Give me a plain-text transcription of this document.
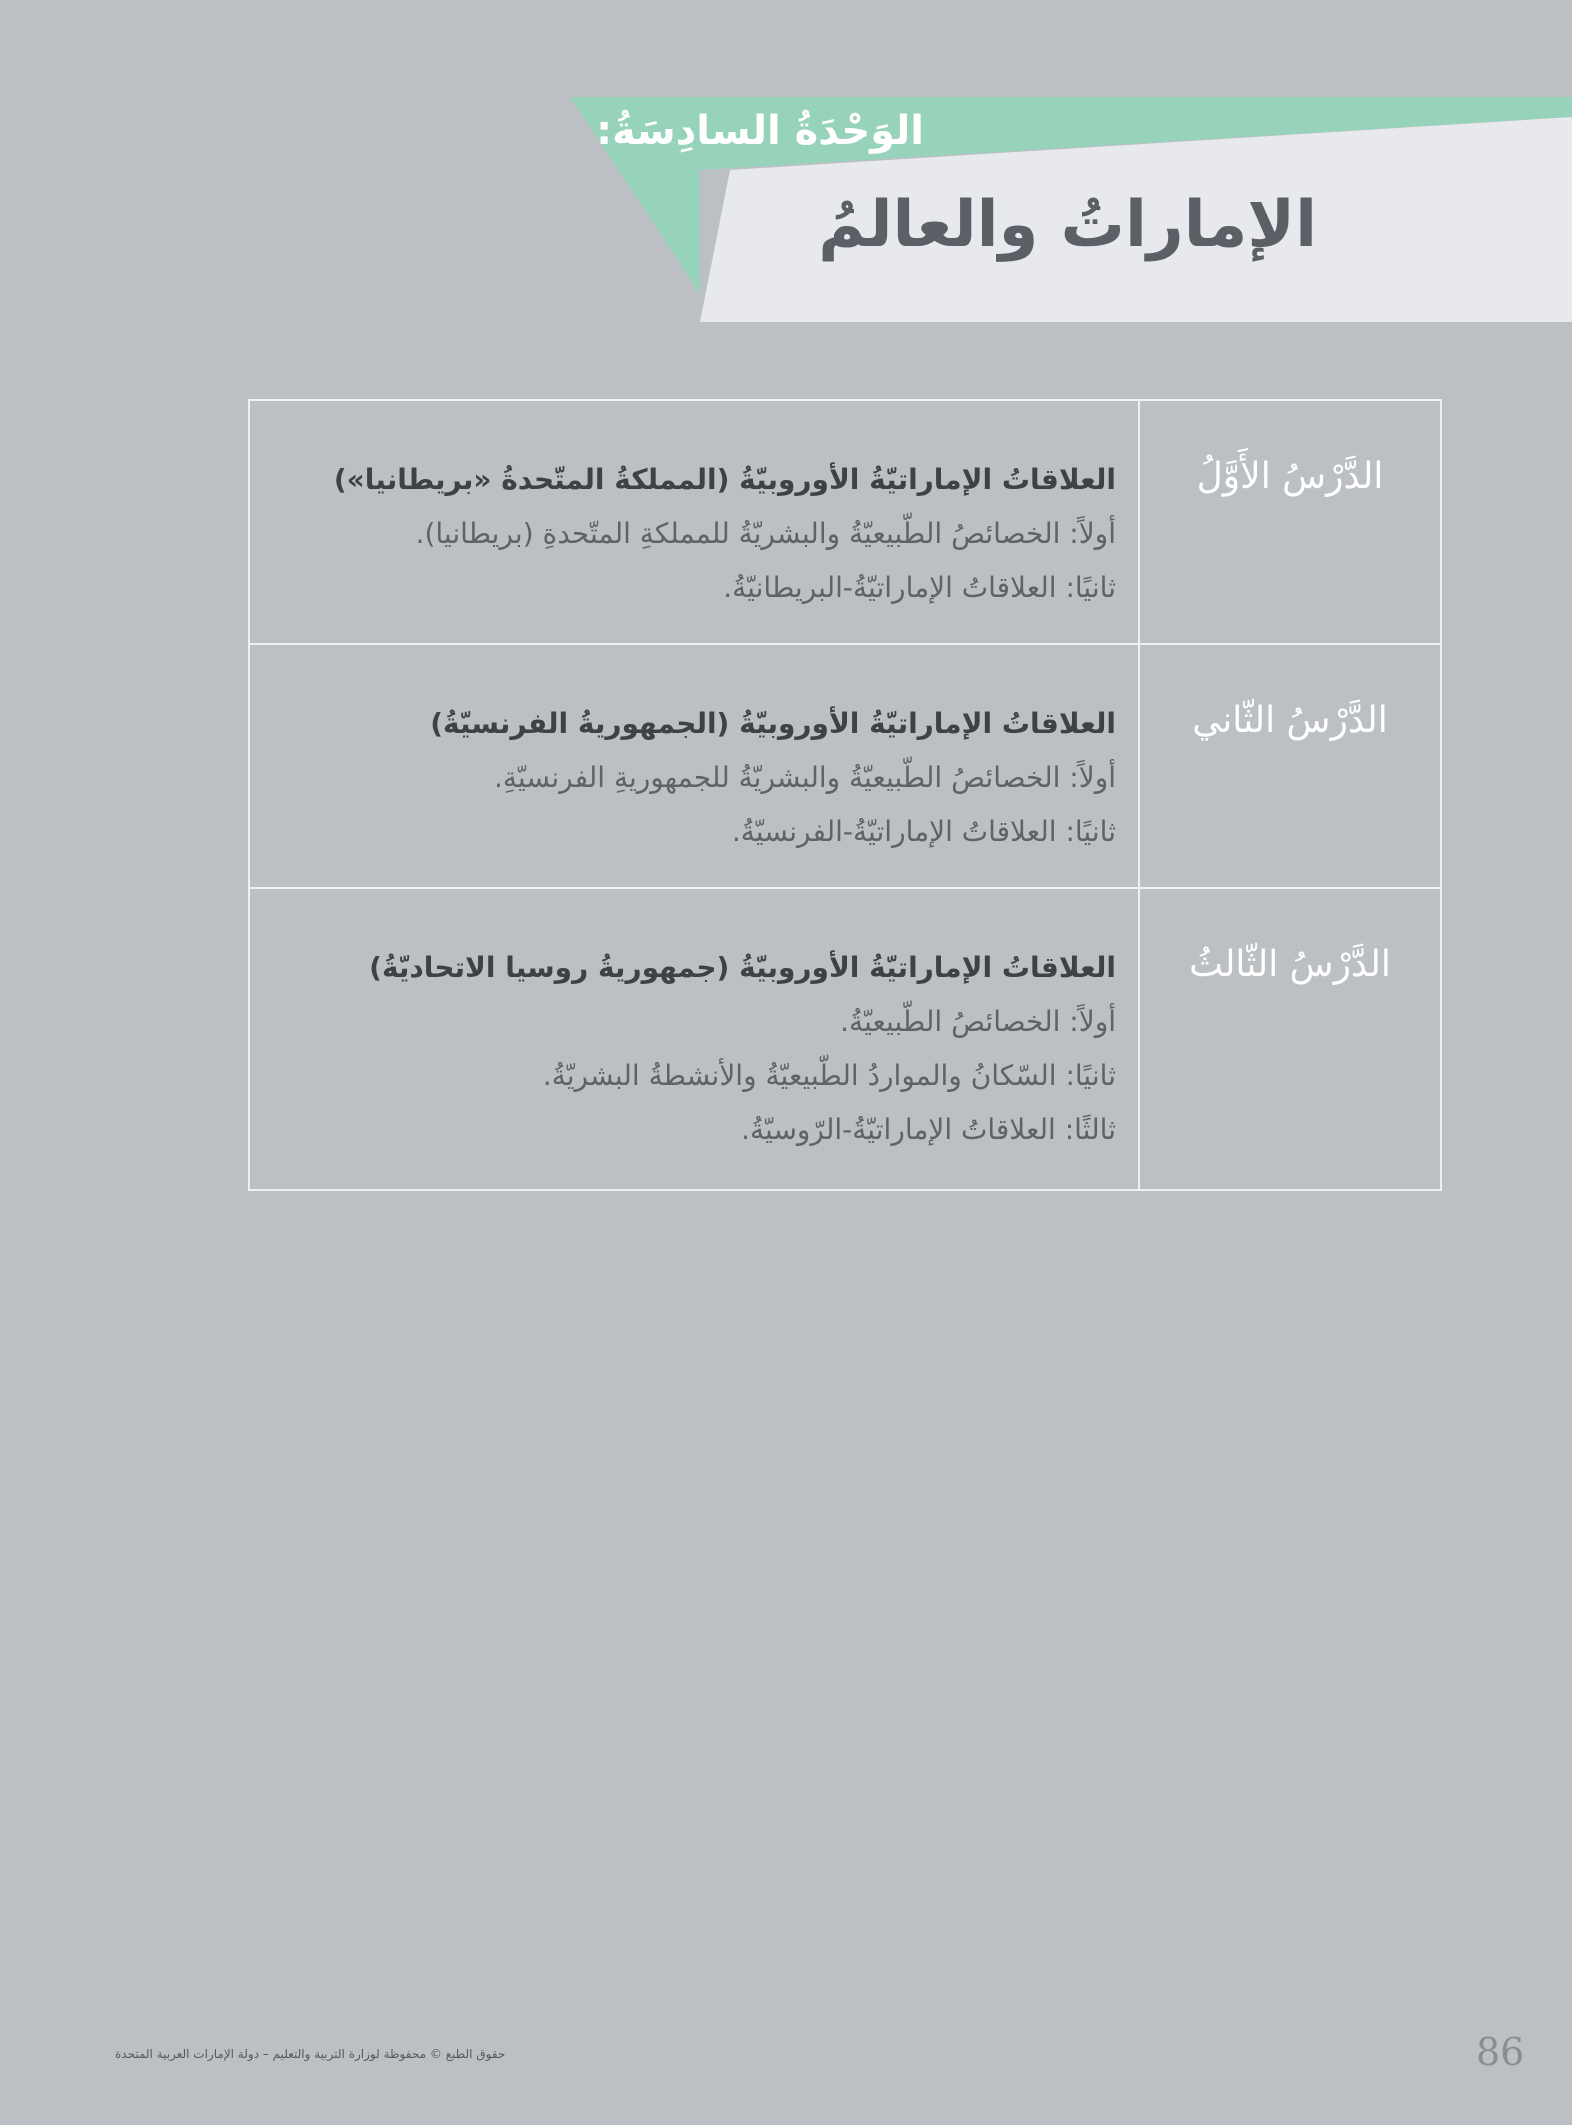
الوَحْدَةُ السادِسَةُ:
الإماراتُ والعالمُ
الدَّرْسُ الأَوَّلُ	العلاقاتُ الإماراتيّةُ الأوروبيّةُ (المملكةُ المتّحدةُ «بريطانيا»)
أولاً: الخصائصُ الطّبيعيّةُ والبشريّةُ للمملكةِ المتّحدةِ (بريطانيا).
ثانيًا: العلاقاتُ الإماراتيّةُ-البريطانيّةُ.

الدَّرْسُ الثّاني	العلاقاتُ الإماراتيّةُ الأوروبيّةُ (الجمهوريةُ الفرنسيّةُ)
أولاً: الخصائصُ الطّبيعيّةُ والبشريّةُ للجمهوريةِ الفرنسيّةِ.
ثانيًا: العلاقاتُ الإماراتيّةُ-الفرنسيّةُ.

الدَّرْسُ الثّالثُ	العلاقاتُ الإماراتيّةُ الأوروبيّةُ (جمهوريةُ روسيا الاتحاديّةُ)
أولاً: الخصائصُ الطّبيعيّةُ.
ثانيًا: السّكانُ والمواردُ الطّبيعيّةُ والأنشطةُ البشريّةُ.
ثالثًا: العلاقاتُ الإماراتيّةُ-الرّوسيّةُ.
86
حقوق الطبع © محفوظة لوزارة التربية والتعليم – دولة الإمارات العربية المتحدة
